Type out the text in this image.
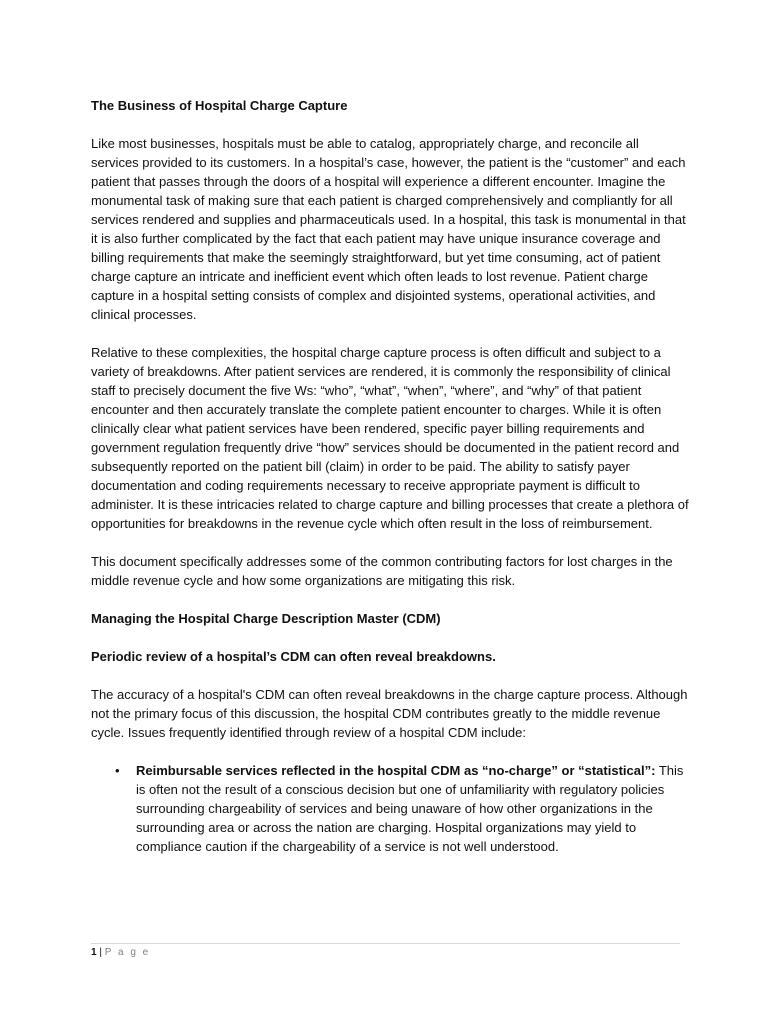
The Business of Hospital Charge Capture

Like most businesses, hospitals must be able to catalog, appropriately charge, and reconcile all services provided to its customers. In a hospital’s case, however, the patient is the “customer” and each patient that passes through the doors of a hospital will experience a different encounter. Imagine the monumental task of making sure that each patient is charged comprehensively and compliantly for all services rendered and supplies and pharmaceuticals used. In a hospital, this task is monumental in that it is also further complicated by the fact that each patient may have unique insurance coverage and billing requirements that make the seemingly straightforward, but yet time consuming, act of patient charge capture an intricate and inefficient event which often leads to lost revenue. Patient charge capture in a hospital setting consists of complex and disjointed systems, operational activities, and clinical processes.

Relative to these complexities, the hospital charge capture process is often difficult and subject to a variety of breakdowns. After patient services are rendered, it is commonly the responsibility of clinical staff to precisely document the five Ws: “who”, “what”, “when”, “where”, and “why” of that patient encounter and then accurately translate the complete patient encounter to charges. While it is often clinically clear what patient services have been rendered, specific payer billing requirements and government regulation frequently drive “how” services should be documented in the patient record and subsequently reported on the patient bill (claim) in order to be paid. The ability to satisfy payer documentation and coding requirements necessary to receive appropriate payment is difficult to administer. It is these intricacies related to charge capture and billing processes that create a plethora of opportunities for breakdowns in the revenue cycle which often result in the loss of reimbursement.

This document specifically addresses some of the common contributing factors for lost charges in the middle revenue cycle and how some organizations are mitigating this risk.

Managing the Hospital Charge Description Master (CDM)
Periodic review of a hospital’s CDM can often reveal breakdowns.

The accuracy of a hospital's CDM can often reveal breakdowns in the charge capture process. Although not the primary focus of this discussion, the hospital CDM contributes greatly to the middle revenue cycle. Issues frequently identified through review of a hospital CDM include:

• Reimbursable services reflected in the hospital CDM as “no-charge” or “statistical”: This is often not the result of a conscious decision but one of unfamiliarity with regulatory policies surrounding chargeability of services and being unaware of how other organizations in the surrounding area or across the nation are charging. Hospital organizations may yield to compliance caution if the chargeability of a service is not well understood.
1 | P a g e
